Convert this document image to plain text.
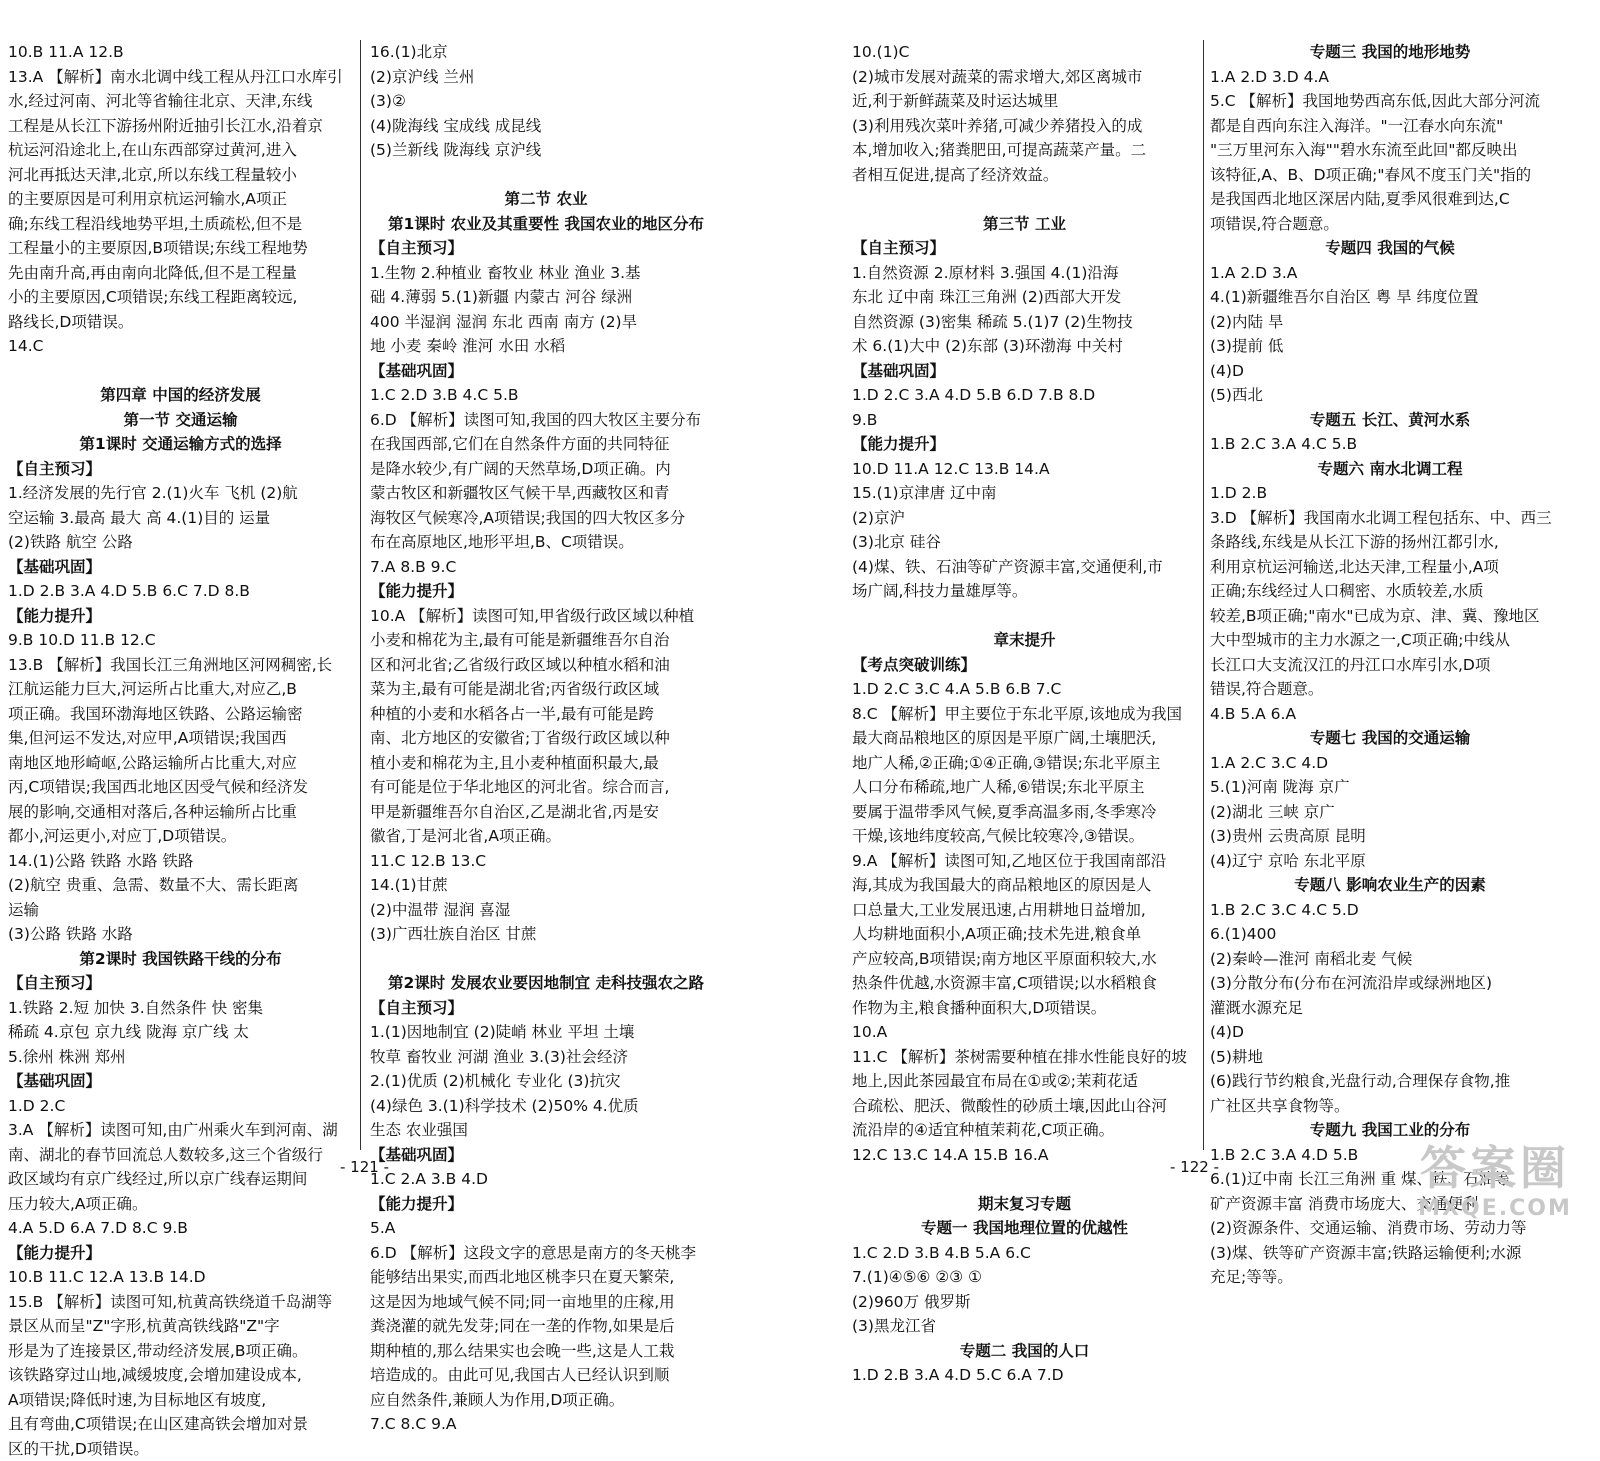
10.B 11.A 12.B
13.A 【解析】南水北调中线工程从丹江口水库引
水,经过河南、河北等省输往北京、天津,东线
工程是从长江下游扬州附近抽引长江水,沿着京
杭运河沿途北上,在山东西部穿过黄河,进入
河北再抵达天津,北京,所以东线工程量较小
的主要原因是可利用京杭运河输水,A项正
确;东线工程沿线地势平坦,土质疏松,但不是
工程量小的主要原因,B项错误;东线工程地势
先由南升高,再由南向北降低,但不是工程量
小的主要原因,C项错误;东线工程距离较远,
路线长,D项错误。
14.C

第四章 中国的经济发展
第一节 交通运输
第1课时 交通运输方式的选择
【自主预习】
1.经济发展的先行官 2.(1)火车 飞机 (2)航
空运输 3.最高 最大 高 4.(1)目的 运量
(2)铁路 航空 公路
【基础巩固】
1.D 2.B 3.A 4.D 5.B 6.C 7.D 8.B
【能力提升】
9.B 10.D 11.B 12.C
13.B 【解析】我国长江三角洲地区河网稠密,长
江航运能力巨大,河运所占比重大,对应乙,B
项正确。我国环渤海地区铁路、公路运输密
集,但河运不发达,对应甲,A项错误;我国西
南地区地形崎岖,公路运输所占比重大,对应
丙,C项错误;我国西北地区因受气候和经济发
展的影响,交通相对落后,各种运输所占比重
都小,河运更小,对应丁,D项错误。
14.(1)公路 铁路 水路 铁路
(2)航空 贵重、急需、数量不大、需长距离
运输
(3)公路 铁路 水路
第2课时 我国铁路干线的分布
【自主预习】
1.铁路 2.短 加快 3.自然条件 快 密集
稀疏 4.京包 京九线 陇海 京广线 太
5.徐州 株洲 郑州
【基础巩固】
1.D 2.C
3.A 【解析】读图可知,由广州乘火车到河南、湖
南、湖北的春节回流总人数较多,这三个省级行
政区域均有京广线经过,所以京广线春运期间
压力较大,A项正确。
4.A 5.D 6.A 7.D 8.C 9.B
【能力提升】
10.B 11.C 12.A 13.B 14.D
15.B 【解析】读图可知,杭黄高铁绕道千岛湖等
景区从而呈"Z"字形,杭黄高铁线路"Z"字
形是为了连接景区,带动经济发展,B项正确。
该铁路穿过山地,减缓坡度,会增加建设成本,
A项错误;降低时速,为目标地区有坡度,
且有弯曲,C项错误;在山区建高铁会增加对景
区的干扰,D项错误。
16.(1)北京
(2)京沪线 兰州
(3)②
(4)陇海线 宝成线 成昆线
(5)兰新线 陇海线 京沪线

第二节 农业
第1课时 农业及其重要性 我国农业的地区分布
【自主预习】
1.生物 2.种植业 畜牧业 林业 渔业 3.基
础 4.薄弱 5.(1)新疆 内蒙古 河谷 绿洲
400 半湿润 湿润 东北 西南 南方 (2)旱
地 小麦 秦岭 淮河 水田 水稻
【基础巩固】
1.C 2.D 3.B 4.C 5.B
6.D 【解析】读图可知,我国的四大牧区主要分布
在我国西部,它们在自然条件方面的共同特征
是降水较少,有广阔的天然草场,D项正确。内
蒙古牧区和新疆牧区气候干旱,西藏牧区和青
海牧区气候寒冷,A项错误;我国的四大牧区多分
布在高原地区,地形平坦,B、C项错误。
7.A 8.B 9.C
【能力提升】
10.A 【解析】读图可知,甲省级行政区域以种植
小麦和棉花为主,最有可能是新疆维吾尔自治
区和河北省;乙省级行政区域以种植水稻和油
菜为主,最有可能是湖北省;丙省级行政区域
种植的小麦和水稻各占一半,最有可能是跨
南、北方地区的安徽省;丁省级行政区域以种
植小麦和棉花为主,且小麦种植面积最大,最
有可能是位于华北地区的河北省。综合而言,
甲是新疆维吾尔自治区,乙是湖北省,丙是安
徽省,丁是河北省,A项正确。
11.C 12.B 13.C
14.(1)甘蔗
(2)中温带 湿润 喜湿
(3)广西壮族自治区 甘蔗

第2课时 发展农业要因地制宜 走科技强农之路
【自主预习】
1.(1)因地制宜 (2)陡峭 林业 平坦 土壤
牧草 畜牧业 河湖 渔业 3.(3)社会经济
2.(1)优质 (2)机械化 专业化 (3)抗灾
(4)绿色 3.(1)科学技术 (2)50% 4.优质
生态 农业强国
【基础巩固】
1.C 2.A 3.B 4.D
【能力提升】
5.A
6.D 【解析】这段文字的意思是南方的冬天桃李
能够结出果实,而西北地区桃李只在夏天繁荣,
这是因为地域气候不同;同一亩地里的庄稼,用
粪浇灌的就先发芽;同在一垄的作物,如果是后
期种植的,那么结果实也会晚一些,这是人工栽
培造成的。由此可见,我国古人已经认识到顺
应自然条件,兼顾人为作用,D项正确。
7.C 8.C 9.A
10.(1)C
(2)城市发展对蔬菜的需求增大,郊区离城市
近,利于新鲜蔬菜及时运达城里
(3)利用残次菜叶养猪,可减少养猪投入的成
本,增加收入;猪粪肥田,可提高蔬菜产量。二
者相互促进,提高了经济效益。

第三节 工业
【自主预习】
1.自然资源 2.原材料 3.强国 4.(1)沿海
东北 辽中南 珠江三角洲 (2)西部大开发
自然资源 (3)密集 稀疏 5.(1)7 (2)生物技
术 6.(1)大中 (2)东部 (3)环渤海 中关村
【基础巩固】
1.D 2.C 3.A 4.D 5.B 6.D 7.B 8.D
9.B
【能力提升】
10.D 11.A 12.C 13.B 14.A
15.(1)京津唐 辽中南
(2)京沪
(3)北京 硅谷
(4)煤、铁、石油等矿产资源丰富,交通便利,市
场广阔,科技力量雄厚等。

章末提升
【考点突破训练】
1.D 2.C 3.C 4.A 5.B 6.B 7.C
8.C 【解析】甲主要位于东北平原,该地成为我国
最大商品粮地区的原因是平原广阔,土壤肥沃,
地广人稀,②正确;①④正确,③错误;东北平原主
人口分布稀疏,地广人稀,⑥错误;东北平原主
要属于温带季风气候,夏季高温多雨,冬季寒冷
干燥,该地纬度较高,气候比较寒冷,③错误。
9.A 【解析】读图可知,乙地区位于我国南部沿
海,其成为我国最大的商品粮地区的原因是人
口总量大,工业发展迅速,占用耕地日益增加,
人均耕地面积小,A项正确;技术先进,粮食单
产应较高,B项错误;南方地区平原面积较大,水
热条件优越,水资源丰富,C项错误;以水稻粮食
作物为主,粮食播种面积大,D项错误。
10.A
11.C 【解析】茶树需要种植在排水性能良好的坡
地上,因此茶园最宜布局在①或②;茉莉花适
合疏松、肥沃、微酸性的砂质土壤,因此山谷河
流沿岸的④适宜种植茉莉花,C项正确。
12.C 13.C 14.A 15.B 16.A

期末复习专题
专题一 我国地理位置的优越性
1.C 2.D 3.B 4.B 5.A 6.C
7.(1)④⑤⑥ ②③ ①
(2)960万 俄罗斯
(3)黑龙江省
专题二 我国的人口
1.D 2.B 3.A 4.D 5.C 6.A 7.D
专题三 我国的地形地势
1.A 2.D 3.D 4.A
5.C 【解析】我国地势西高东低,因此大部分河流
都是自西向东注入海洋。"一江春水向东流"
"三万里河东入海""碧水东流至此回"都反映出
该特征,A、B、D项正确;"春风不度玉门关"指的
是我国西北地区深居内陆,夏季风很难到达,C
项错误,符合题意。
专题四 我国的气候
1.A 2.D 3.A
4.(1)新疆维吾尔自治区 粤 旱 纬度位置
(2)内陆 旱
(3)提前 低
(4)D
(5)西北
专题五 长江、黄河水系
1.B 2.C 3.A 4.C 5.B
专题六 南水北调工程
1.D 2.B
3.D 【解析】我国南水北调工程包括东、中、西三
条路线,东线是从长江下游的扬州江都引水,
利用京杭运河输送,北达天津,工程量小,A项
正确;东线经过人口稠密、水质较差,水质
较差,B项正确;"南水"已成为京、津、冀、豫地区
大中型城市的主力水源之一,C项正确;中线从
长江口大支流汉江的丹江口水库引水,D项
错误,符合题意。
4.B 5.A 6.A
专题七 我国的交通运输
1.A 2.C 3.C 4.D
5.(1)河南 陇海 京广
(2)湖北 三峡 京广
(3)贵州 云贵高原 昆明
(4)辽宁 京哈 东北平原
专题八 影响农业生产的因素
1.B 2.C 3.C 4.C 5.D
6.(1)400
(2)秦岭—淮河 南稻北麦 气候
(3)分散分布(分布在河流沿岸或绿洲地区)
灌溉水源充足
(4)D
(5)耕地
(6)践行节约粮食,光盘行动,合理保存食物,推
广社区共享食物等。
专题九 我国工业的分布
1.B 2.C 3.A 4.D 5.B
6.(1)辽中南 长江三角洲 重 煤、铁、石油等
矿产资源丰富 消费市场庞大、交通便利
(2)资源条件、交通运输、消费市场、劳动力等
(3)煤、铁等矿产资源丰富;铁路运输便利;水源
充足;等等。
- 121 -	- 122 -	答案圈
MXQE.COM
